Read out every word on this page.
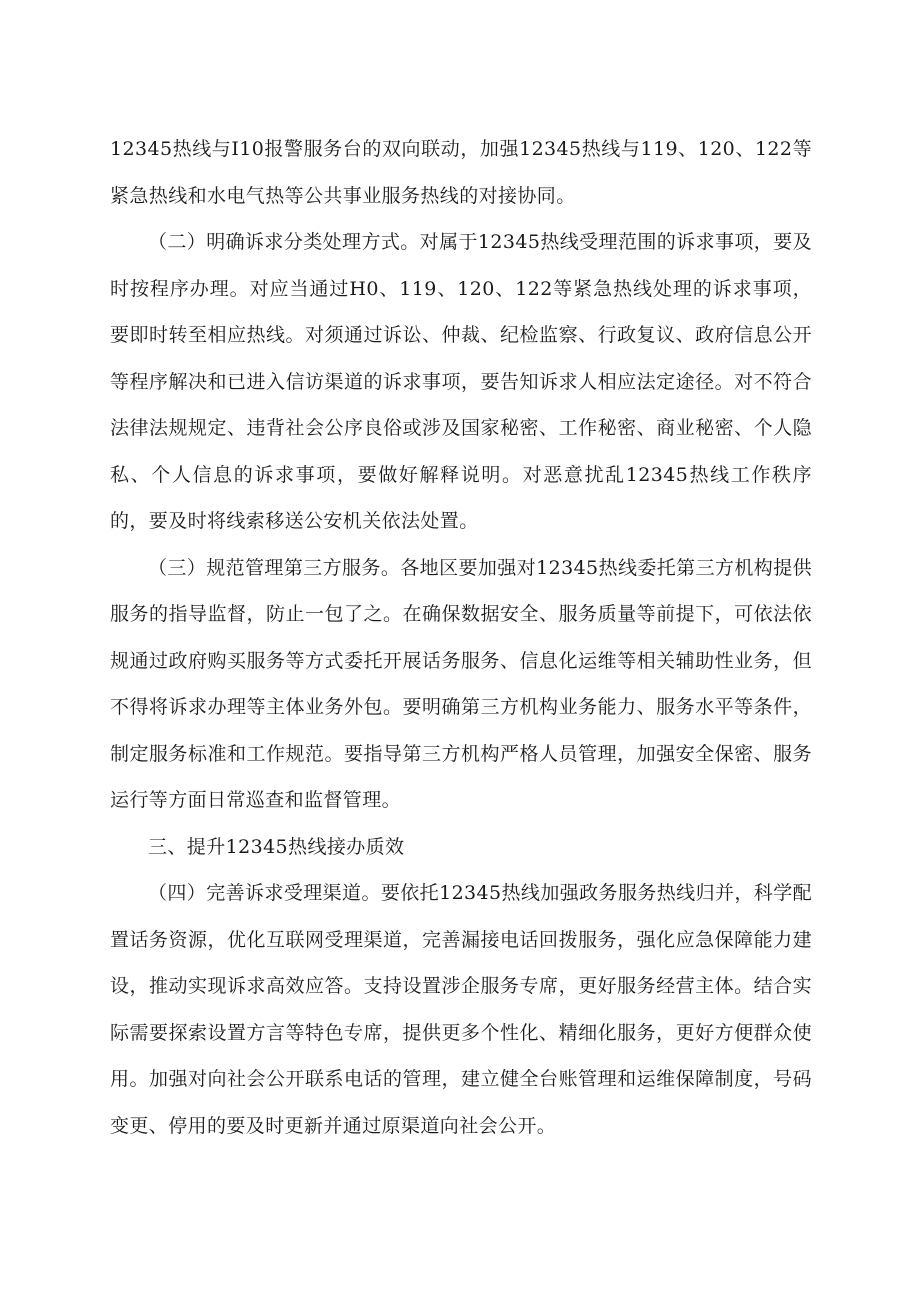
12345热线与I10报警服务台的双向联动，加强12345热线与119、120、122等紧急热线和水电气热等公共事业服务热线的对接协同。

（二）明确诉求分类处理方式。对属于12345热线受理范围的诉求事项，要及时按程序办理。对应当通过H0、119、120、122等紧急热线处理的诉求事项，要即时转至相应热线。对须通过诉讼、仲裁、纪检监察、行政复议、政府信息公开等程序解决和已进入信访渠道的诉求事项，要告知诉求人相应法定途径。对不符合法律法规规定、违背社会公序良俗或涉及国家秘密、工作秘密、商业秘密、个人隐私、个人信息的诉求事项，要做好解释说明。对恶意扰乱12345热线工作秩序的，要及时将线索移送公安机关依法处置。

（三）规范管理第三方服务。各地区要加强对12345热线委托第三方机构提供服务的指导监督，防止一包了之。在确保数据安全、服务质量等前提下，可依法依规通过政府购买服务等方式委托开展话务服务、信息化运维等相关辅助性业务，但不得将诉求办理等主体业务外包。要明确第三方机构业务能力、服务水平等条件，制定服务标准和工作规范。要指导第三方机构严格人员管理，加强安全保密、服务运行等方面日常巡查和监督管理。

三、提升12345热线接办质效

（四）完善诉求受理渠道。要依托12345热线加强政务服务热线归并，科学配置话务资源，优化互联网受理渠道，完善漏接电话回拨服务，强化应急保障能力建设，推动实现诉求高效应答。支持设置涉企服务专席，更好服务经营主体。结合实际需要探索设置方言等特色专席，提供更多个性化、精细化服务，更好方便群众使用。加强对向社会公开联系电话的管理，建立健全台账管理和运维保障制度，号码变更、停用的要及时更新并通过原渠道向社会公开。
